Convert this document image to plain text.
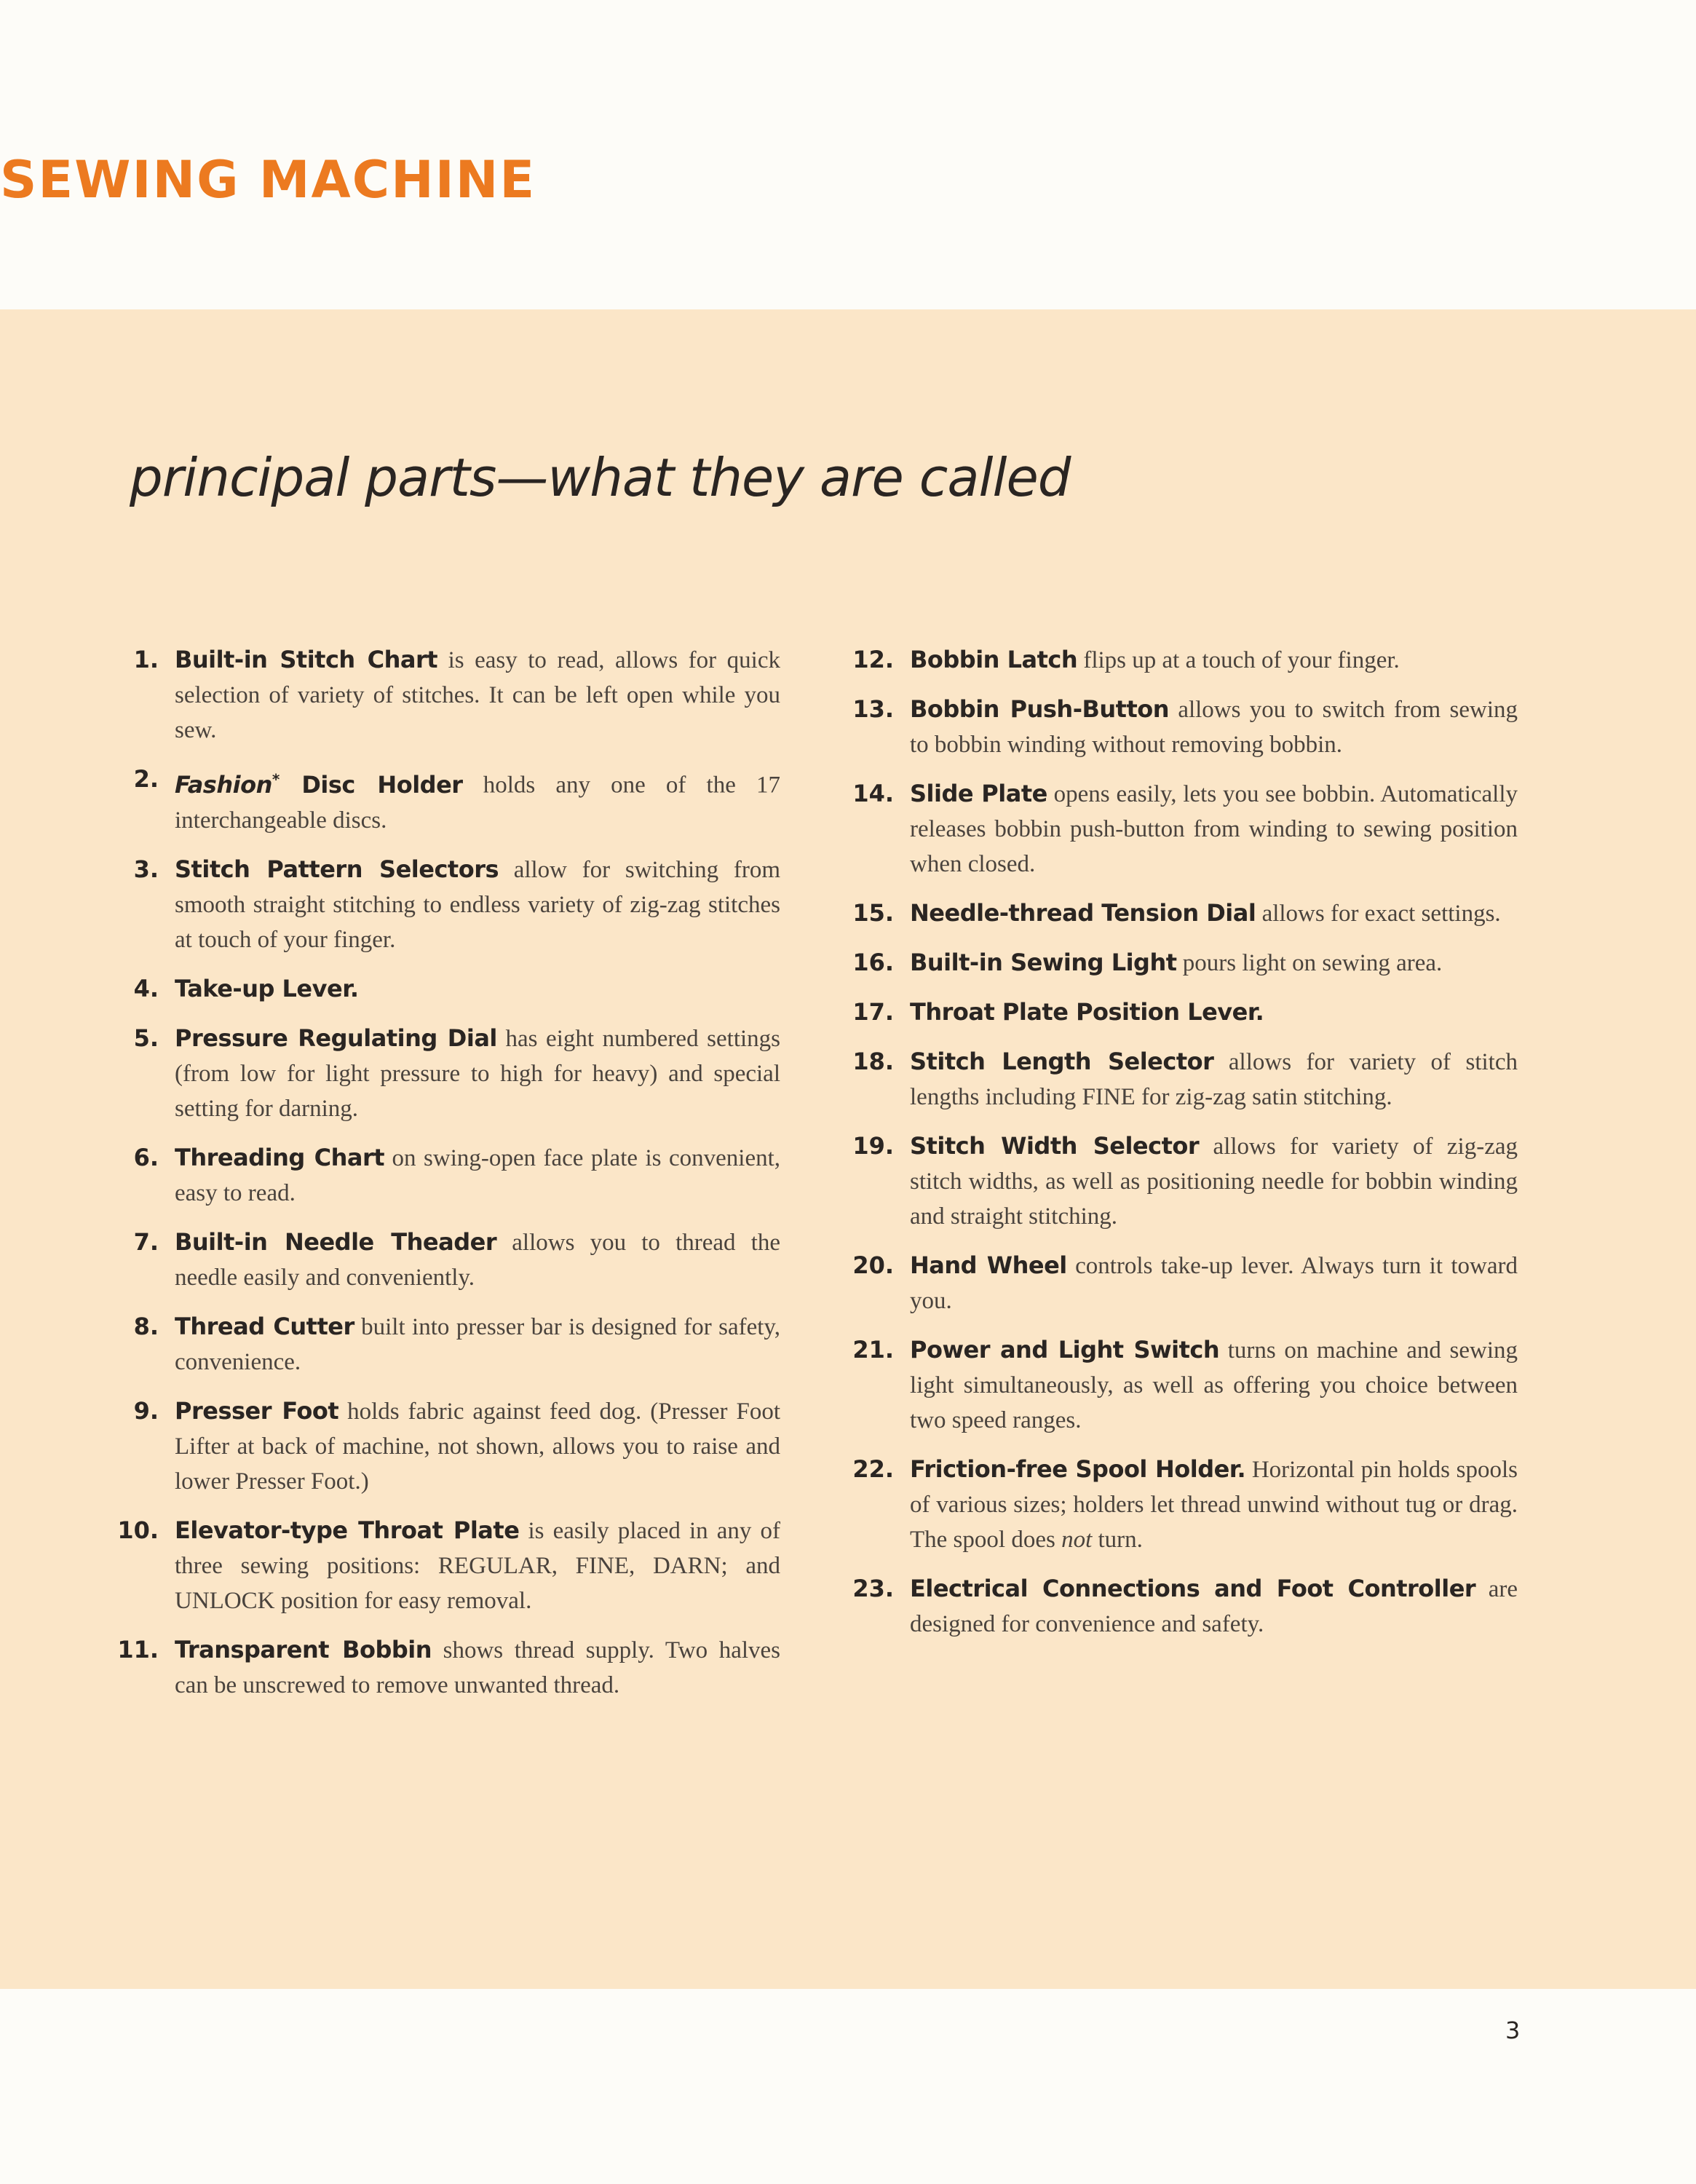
SEWING MACHINE
principal parts—what they are called
1. Built-in Stitch Chart is easy to read, allows for quick selection of variety of stitches. It can be left open while you sew.
2. Fashion* Disc Holder holds any one of the 17 interchangeable discs.
3. Stitch Pattern Selectors allow for switching from smooth straight stitching to endless variety of zig-zag stitches at touch of your finger.
4. Take-up Lever.
5. Pressure Regulating Dial has eight numbered settings (from low for light pressure to high for heavy) and special setting for darning.
6. Threading Chart on swing-open face plate is convenient, easy to read.
7. Built-in Needle Theader allows you to thread the needle easily and conveniently.
8. Thread Cutter built into presser bar is designed for safety, convenience.
9. Presser Foot holds fabric against feed dog. (Presser Foot Lifter at back of machine, not shown, allows you to raise and lower Presser Foot.)
10. Elevator-type Throat Plate is easily placed in any of three sewing positions: REGULAR, FINE, DARN; and UNLOCK position for easy removal.
11. Transparent Bobbin shows thread supply. Two halves can be unscrewed to remove unwanted thread.
12. Bobbin Latch flips up at a touch of your finger.
13. Bobbin Push-Button allows you to switch from sewing to bobbin winding without removing bobbin.
14. Slide Plate opens easily, lets you see bobbin. Automatically releases bobbin push-button from winding to sewing position when closed.
15. Needle-thread Tension Dial allows for exact settings.
16. Built-in Sewing Light pours light on sewing area.
17. Throat Plate Position Lever.
18. Stitch Length Selector allows for variety of stitch lengths including FINE for zig-zag satin stitching.
19. Stitch Width Selector allows for variety of zig-zag stitch widths, as well as positioning needle for bobbin winding and straight stitching.
20. Hand Wheel controls take-up lever. Always turn it toward you.
21. Power and Light Switch turns on machine and sewing light simultaneously, as well as offering you choice between two speed ranges.
22. Friction-free Spool Holder. Horizontal pin holds spools of various sizes; holders let thread unwind without tug or drag. The spool does not turn.
23. Electrical Connections and Foot Controller are designed for convenience and safety.
3
